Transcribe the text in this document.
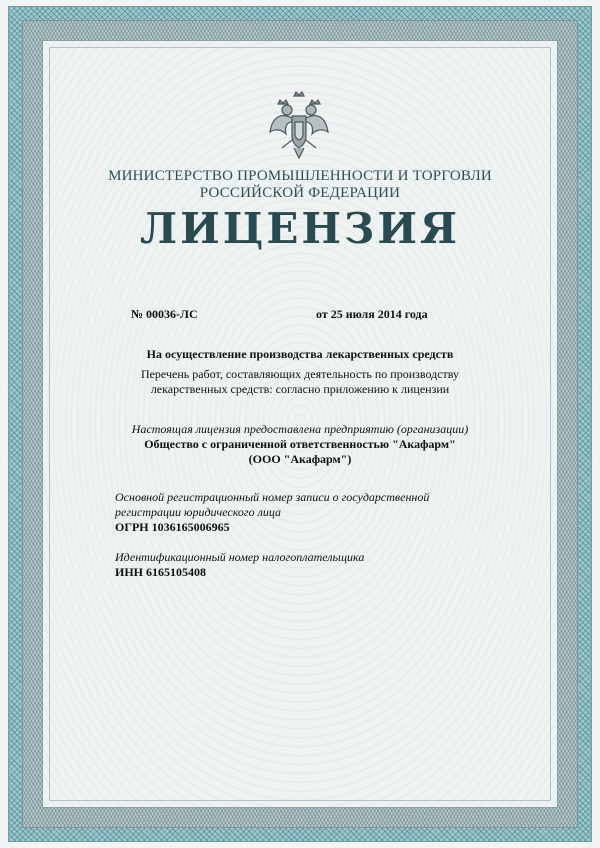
МИНИСТЕРСТВО ПРОМЫШЛЕННОСТИ И ТОРГОВЛИ
РОССИЙСКОЙ ФЕДЕРАЦИИ
ЛИЦЕНЗИЯ
№ 00036-ЛС	от 25 июля 2014 года
На осуществление производства лекарственных средств
Перечень работ, составляющих деятельность по производству
лекарственных средств: согласно приложению к лицензии
Настоящая лицензия предоставлена предприятию (организации)
Общество с ограниченной ответственностью "Акафарм"
(ООО "Акафарм")
Основной регистрационный номер записи о государственной
регистрации юридического лица
ОГРН 1036165006965
Идентификационный номер налогоплательщика
ИНН 6165105408
